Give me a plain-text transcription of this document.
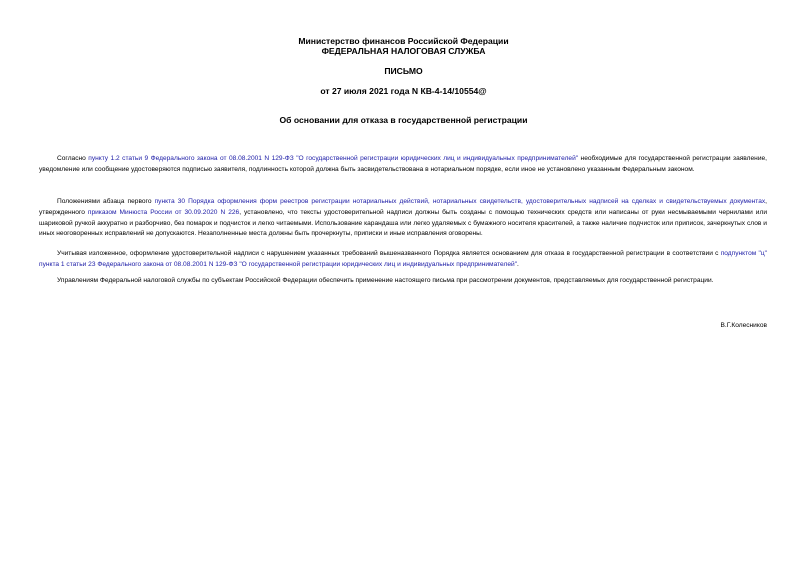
Министерство финансов Российской Федерации
ФЕДЕРАЛЬНАЯ НАЛОГОВАЯ СЛУЖБА
ПИСЬМО
от 27 июля 2021 года N КВ-4-14/10554@
Об основании для отказа в государственной регистрации
Согласно пункту 1.2 статьи 9 Федерального закона от 08.08.2001 N 129-ФЗ "О государственной регистрации юридических лиц и индивидуальных предпринимателей" необходимые для государственной регистрации заявление, уведомление или сообщение удостоверяются подписью заявителя, подлинность которой должна быть засвидетельствована в нотариальном порядке, если иное не установлено указанным Федеральным законом.
Положениями абзаца первого пункта 30 Порядка оформления форм реестров регистрации нотариальных действий, нотариальных свидетельств, удостоверительных надписей на сделках и свидетельствуемых документах, утвержденного приказом Минюста России от 30.09.2020 N 226, установлено, что тексты удостоверительной надписи должны быть созданы с помощью технических средств или написаны от руки несмываемыми чернилами или шариковой ручкой аккуратно и разборчиво, без помарок и подчисток и легко читаемыми. Использование карандаша или легко удаляемых с бумажного носителя красителей, а также наличие подчисток или приписок, зачеркнутых слов и иных неоговоренных исправлений не допускаются. Незаполненные места должны быть прочеркнуты, приписки и иные исправления оговорены.
Учитывая изложенное, оформление удостоверительной надписи с нарушением указанных требований вышеназванного Порядка является основанием для отказа в государственной регистрации в соответствии с подпунктом "ц" пункта 1 статьи 23 Федерального закона от 08.08.2001 N 129-ФЗ "О государственной регистрации юридических лиц и индивидуальных предпринимателей".
Управлениям Федеральной налоговой службы по субъектам Российской Федерации обеспечить применение настоящего письма при рассмотрении документов, представляемых для государственной регистрации.
В.Г.Колесников
